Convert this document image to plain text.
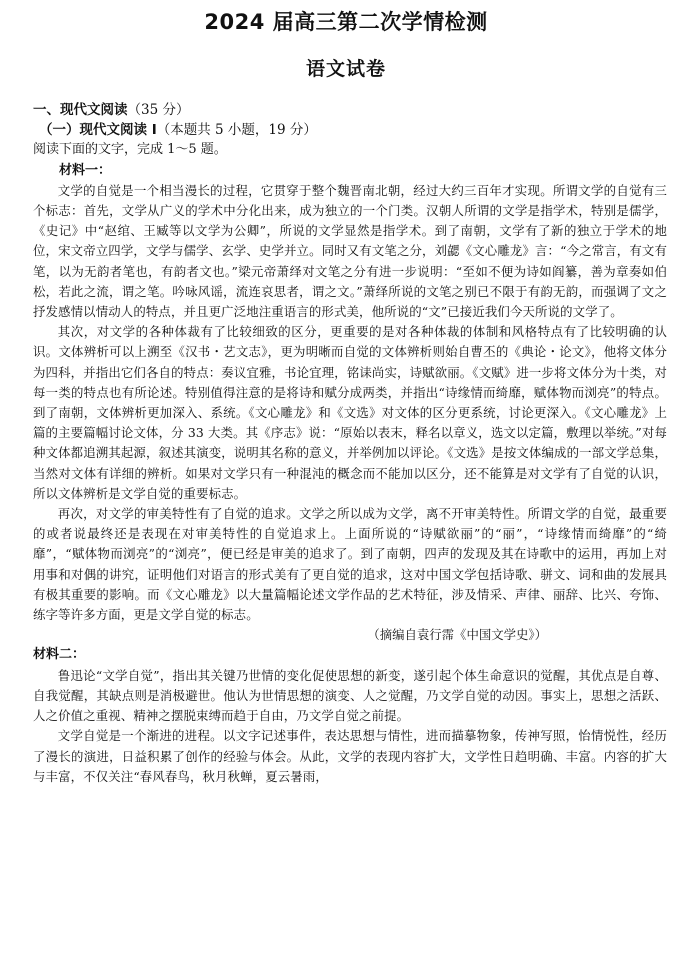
2024 届高三第二次学情检测
语文试卷
一、现代文阅读（35 分）
（一）现代文阅读 I（本题共 5 小题，19 分）
阅读下面的文字，完成 1～5 题。
材料一：

文学的自觉是一个相当漫长的过程，它贯穿于整个魏晋南北朝，经过大约三百年才实现。所谓文学的自觉有三个标志：首先，文学从广义的学术中分化出来，成为独立的一个门类。汉朝人所谓的文学是指学术，特别是儒学，《史记》中“赵绾、王臧等以文学为公卿”，所说的文学显然是指学术。到了南朝，文学有了新的独立于学术的地位，宋文帝立四学，文学与儒学、玄学、史学并立。同时又有文笔之分，刘勰《文心雕龙》言：“今之常言，有文有笔，以为无韵者笔也，有韵者文也。”梁元帝萧绎对文笔之分有进一步说明：“至如不便为诗如阎纂，善为章奏如伯松，若此之流，谓之笔。吟咏风谣，流连哀思者，谓之文。”萧绎所说的文笔之别已不限于有韵无韵，而强调了文之抒发感情以情动人的特点，并且更广泛地注重语言的形式美，他所说的“文”已接近我们今天所说的文学了。

其次，对文学的各种体裁有了比较细致的区分，更重要的是对各种体裁的体制和风格特点有了比较明确的认识。文体辨析可以上溯至《汉书・艺文志》，更为明晰而自觉的文体辨析则始自曹丕的《典论・论文》，他将文体分为四科，并指出它们各自的特点：奏议宜雅，书论宜理，铭诔尚实，诗赋欲丽。《文赋》进一步将文体分为十类，对每一类的特点也有所论述。特别值得注意的是将诗和赋分成两类，并指出“诗缘情而绮靡，赋体物而浏亮”的特点。到了南朝，文体辨析更加深入、系统。《文心雕龙》和《文选》对文体的区分更系统，讨论更深入。《文心雕龙》上篇的主要篇幅讨论文体，分 33 大类。其《序志》说：“原始以表末，释名以章义，选文以定篇，敷理以举统。”对每种文体都追溯其起源，叙述其演变，说明其名称的意义，并举例加以评论。《文选》是按文体编成的一部文学总集，当然对文体有详细的辨析。如果对文学只有一种混沌的概念而不能加以区分，还不能算是对文学有了自觉的认识，所以文体辨析是文学自觉的重要标志。

再次，对文学的审美特性有了自觉的追求。文学之所以成为文学，离不开审美特性。所谓文学的自觉，最重要的或者说最终还是表现在对审美特性的自觉追求上。上面所说的“诗赋欲丽”的“丽”，“诗缘情而绮靡”的“绮靡”，“赋体物而浏亮”的“浏亮”，便已经是审美的追求了。到了南朝，四声的发现及其在诗歌中的运用，再加上对用事和对偶的讲究，证明他们对语言的形式美有了更自觉的追求，这对中国文学包括诗歌、骈文、词和曲的发展具有极其重要的影响。而《文心雕龙》以大量篇幅论述文学作品的艺术特征，涉及情采、声律、丽辞、比兴、夸饰、练字等许多方面，更是文学自觉的标志。

（摘编自袁行霈《中国文学史》）
材料二：

鲁迅论“文学自觉”，指出其关键乃世情的变化促使思想的新变，遂引起个体生命意识的觉醒，其优点是自尊、自我觉醒，其缺点则是消极避世。他认为世情思想的演变、人之觉醒，乃文学自觉的动因。事实上，思想之活跃、人之价值之重视、精神之摆脱束缚而趋于自由，乃文学自觉之前提。

文学自觉是一个渐进的进程。以文字记述事件，表达思想与情性，进而描摹物象，传神写照，怡情悦性，经历了漫长的演进，日益积累了创作的经验与体会。从此，文学的表现内容扩大，文学性日趋明确、丰富。内容的扩大与丰富，不仅关注“春风春鸟，秋月秋蝉，夏云暑雨，
